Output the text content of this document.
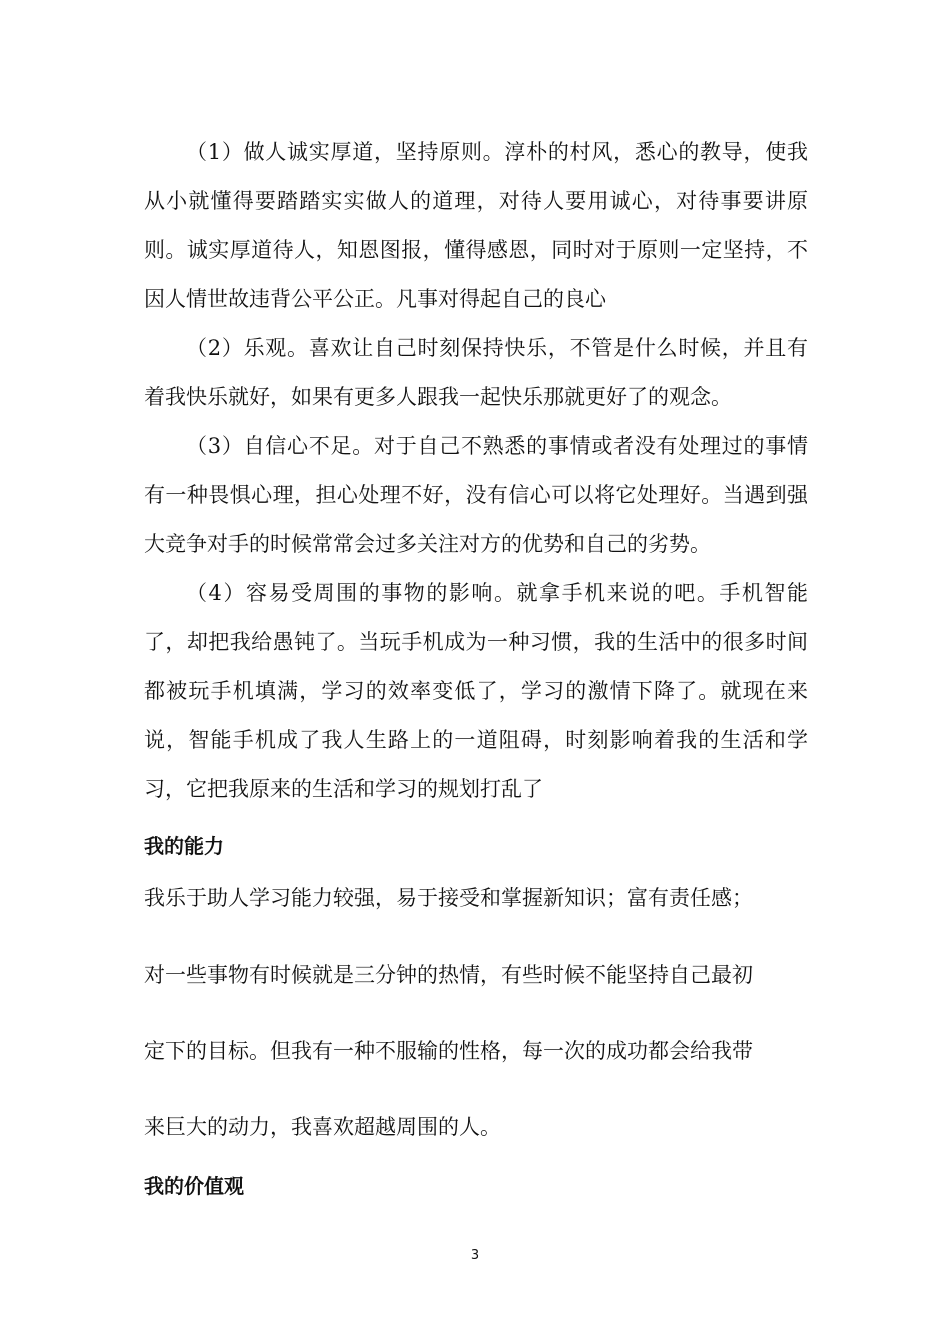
（1）做人诚实厚道，坚持原则。淳朴的村风，悉心的教导，使我从小就懂得要踏踏实实做人的道理，对待人要用诚心，对待事要讲原则。诚实厚道待人，知恩图报，懂得感恩，同时对于原则一定坚持，不因人情世故违背公平公正。凡事对得起自己的良心

（2）乐观。喜欢让自己时刻保持快乐，不管是什么时候，并且有着我快乐就好，如果有更多人跟我一起快乐那就更好了的观念。

（3）自信心不足。对于自己不熟悉的事情或者没有处理过的事情有一种畏惧心理，担心处理不好，没有信心可以将它处理好。当遇到强大竞争对手的时候常常会过多关注对方的优势和自己的劣势。

（4）容易受周围的事物的影响。就拿手机来说的吧。手机智能了，却把我给愚钝了。当玩手机成为一种习惯，我的生活中的很多时间都被玩手机填满，学习的效率变低了，学习的激情下降了。就现在来说，智能手机成了我人生路上的一道阻碍，时刻影响着我的生活和学习，它把我原来的生活和学习的规划打乱了

我的能力

我乐于助人学习能力较强，易于接受和掌握新知识；富有责任感；

对一些事物有时候就是三分钟的热情，有些时候不能坚持自己最初

定下的目标。但我有一种不服输的性格，每一次的成功都会给我带

来巨大的动力，我喜欢超越周围的人。

我的价值观
3
